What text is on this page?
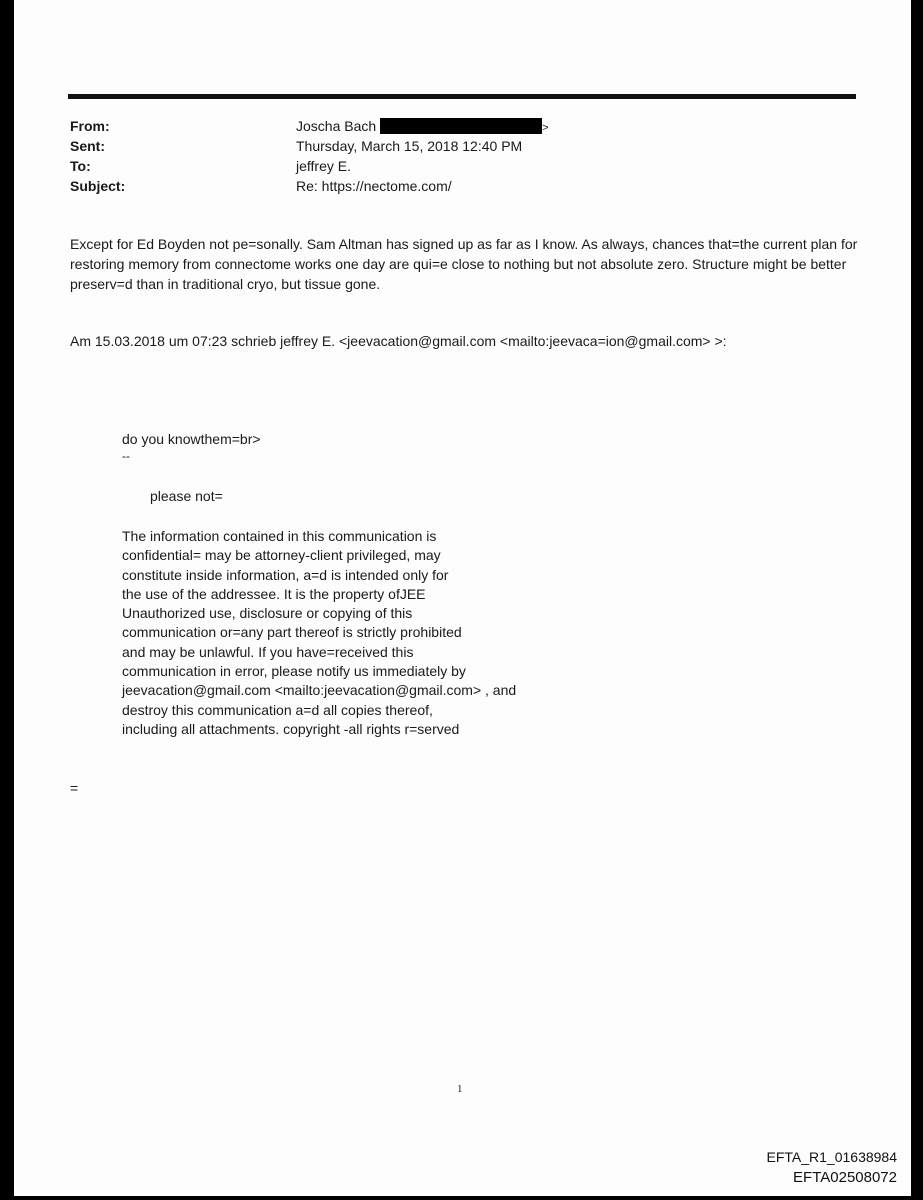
From:	Joscha Bach	>
Sent:	Thursday, March 15, 2018 12:40 PM
To:	jeffrey E.
Subject:	Re: https://nectome.com/
Except for Ed Boyden not pe=sonally. Sam Altman has signed up as far as I know. As always, chances that=the current plan for restoring memory from connectome works one day are qui=e close to nothing but not absolute zero. Structure might be better preserv=d than in traditional cryo, but tissue gone.
Am 15.03.2018 um 07:23 schrieb jeffrey E. <jeevacation@gmail.com <mailto:jeevaca=ion@gmail.com> >:
do you knowthem=br>
--
please not=
The information contained in this communication is
confidential= may be attorney-client privileged, may
constitute inside information, a=d is intended only for
the use of the addressee. It is the property ofJEE
Unauthorized use, disclosure or copying of this
communication or=any part thereof is strictly prohibited
and may be unlawful. If you have=received this
communication in error, please notify us immediately by
jeevacation@gmail.com <mailto:jeevacation@gmail.com> , and
destroy this communication a=d all copies thereof,
including all attachments. copyright -all rights r=served
=
1
EFTA_R1_01638984
EFTA02508072
